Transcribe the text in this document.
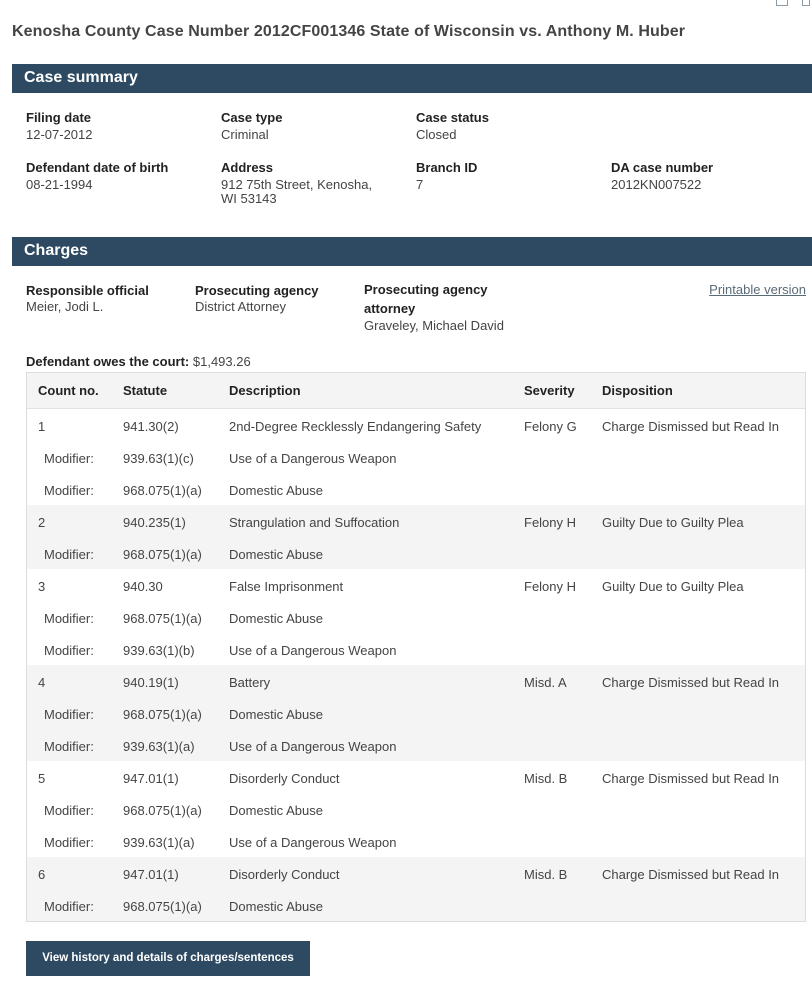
Kenosha County Case Number 2012CF001346 State of Wisconsin vs. Anthony M. Huber
Case summary
Filing date
12-07-2012
Case type
Criminal
Case status
Closed
Defendant date of birth
08-21-1994
Address
912 75th Street, Kenosha,
WI 53143
Branch ID
7
DA case number
2012KN007522
Charges
Responsible official
Meier, Jodi L.
Prosecuting agency
District Attorney
Prosecuting agency
attorney
Graveley, Michael David
Printable version
Defendant owes the court: $1,493.26
Count no. Statute	Description	Severity Disposition
1	941.30(2)	2nd-Degree Recklessly Endangering Safety	Felony G Charge Dismissed but Read In
Modifier: 939.63(1)(c)	Use of a Dangerous Weapon
Modifier: 968.075(1)(a) Domestic Abuse
2	940.235(1)	Strangulation and Suffocation	Felony H Guilty Due to Guilty Plea
Modifier: 968.075(1)(a) Domestic Abuse
3	940.30	False Imprisonment	Felony H Guilty Due to Guilty Plea
Modifier: 968.075(1)(a) Domestic Abuse
Modifier: 939.63(1)(b)	Use of a Dangerous Weapon
4	940.19(1)	Battery	Misd. A	Charge Dismissed but Read In
Modifier: 968.075(1)(a) Domestic Abuse
Modifier: 939.63(1)(a)	Use of a Dangerous Weapon
5	947.01(1)	Disorderly Conduct	Misd. B	Charge Dismissed but Read In
Modifier: 968.075(1)(a) Domestic Abuse
Modifier: 939.63(1)(a)	Use of a Dangerous Weapon
6	947.01(1)	Disorderly Conduct	Misd. B	Charge Dismissed but Read In
Modifier: 968.075(1)(a) Domestic Abuse
View history and details of charges/sentences
